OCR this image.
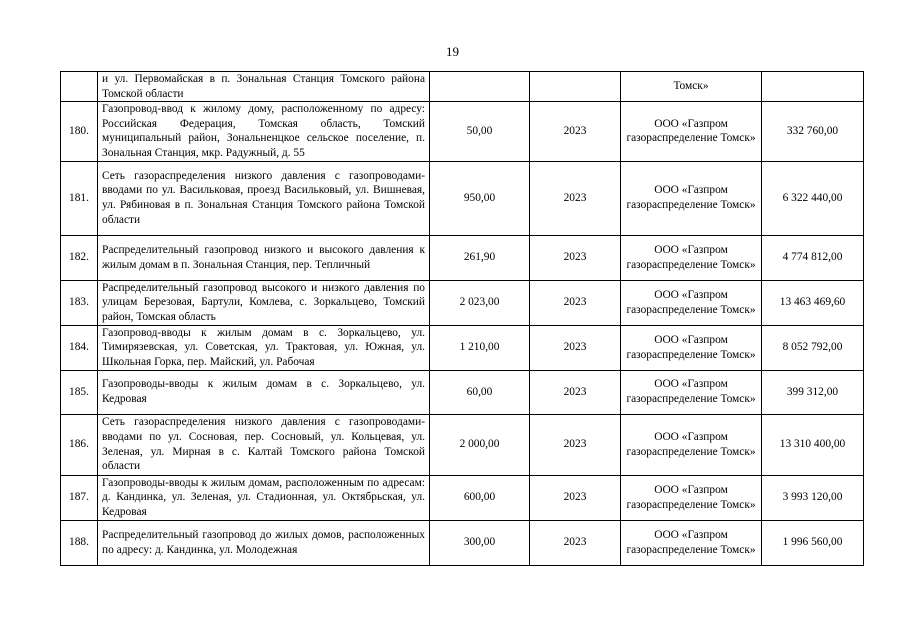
19
	и ул. Первомайская в п. Зональная Станция Томского района Томской области			Томск»	
180.	Газопровод-ввод к жилому дому, расположенному по адресу: Российская Федерация, Томская область, Томский муниципальный район, Зональненцкое сельское поселение, п. Зональная Станция, мкр. Радужный, д. 55	50,00	2023	ООО «Газпром газораспределение Томск»	332 760,00
181.	Сеть газораспределения низкого давления с газопроводами-вводами по ул. Васильковая, проезд Васильковый, ул. Вишневая, ул. Рябиновая в п. Зональная Станция Томского района Томской области	950,00	2023	ООО «Газпром газораспределение Томск»	6 322 440,00
182.	Распределительный газопровод низкого и высокого давления к жилым домам в п. Зональная Станция, пер. Тепличный	261,90	2023	ООО «Газпром газораспределение Томск»	4 774 812,00
183.	Распределительный газопровод высокого и низкого давления по улицам Березовая, Бартули, Комлева, с. Зоркальцево, Томский район, Томская область	2 023,00	2023	ООО «Газпром газораспределение Томск»	13 463 469,60
184.	Газопровод-вводы к жилым домам в с. Зоркальцево, ул. Тимирязевская, ул. Советская, ул. Трактовая, ул. Южная, ул. Школьная Горка, пер. Майский, ул. Рабочая	1 210,00	2023	ООО «Газпром газораспределение Томск»	8 052 792,00
185.	Газопроводы-вводы к жилым домам в с. Зоркальцево, ул. Кедровая	60,00	2023	ООО «Газпром газораспределение Томск»	399 312,00
186.	Сеть газораспределения низкого давления с газопроводами-вводами по ул. Сосновая, пер. Сосновый, ул. Кольцевая, ул. Зеленая, ул. Мирная в с. Калтай Томского района Томской области	2 000,00	2023	ООО «Газпром газораспределение Томск»	13 310 400,00
187.	Газопроводы-вводы к жилым домам, расположенным по адресам: д. Кандинка, ул. Зеленая, ул. Стадионная, ул. Октябрьская, ул. Кедровая	600,00	2023	ООО «Газпром газораспределение Томск»	3 993 120,00
188.	Распределительный газопровод до жилых домов, расположенных по адресу: д. Кандинка, ул. Молодежная	300,00	2023	ООО «Газпром газораспределение Томск»	1 996 560,00
